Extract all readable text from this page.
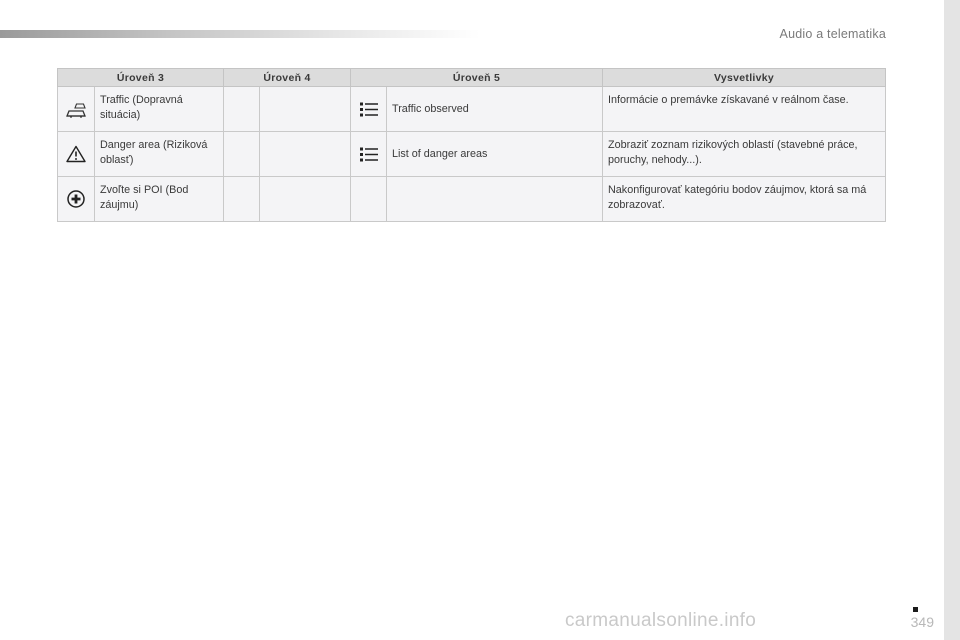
Audio a telematika
Úroveň 3		Úroveň 4		Úroveň 5		Vysvetlivky

	Traffic (Dopravná situácia)				Traffic observed	Informácie o premávke získavané v reálnom čase.

	Danger area (Riziková oblasť)				List of danger areas	Zobraziť zoznam rizikových oblastí (stavebné práce, poruchy, nehody...).

	Zvoľte si POI (Bod záujmu)					Nakonfigurovať kategóriu bodov záujmov, ktorá sa má zobrazovať.
349
carmanualsonline.info
